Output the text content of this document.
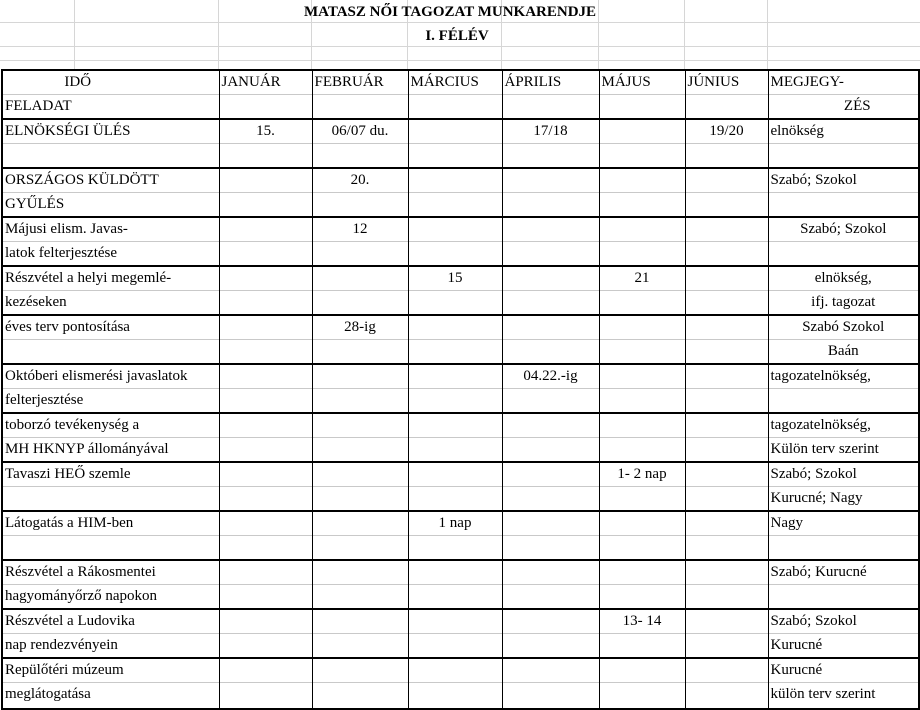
MATASZ NŐI TAGOZAT MUNKARENDJE
I. FÉLÉV
IDŐ	JANUÁR	FEBRUÁR	MÁRCIUS	ÁPRILIS	MÁJUS	JÚNIUS	MEGJEGY-
FELADAT							ZÉS
ELNÖKSÉGI ÜLÉS	15.	06/07 du.		17/18		19/20	elnökség

ORSZÁGOS KÜLDÖTT		20.					Szabó; Szokol
GYŰLÉS							
Májusi elism. Javas-		12					Szabó; Szokol
latok felterjesztése							
Részvétel a helyi megemlé-			15		21		elnökség,
kezéseken							ifj. tagozat
éves terv pontosítása		28-ig					Szabó Szokol
							Baán
Októberi elismerési javaslatok				04.22.-ig			tagozatelnökség,
felterjesztése							
toborzó tevékenység a							tagozatelnökség,
MH HKNYP állományával							Külön terv szerint
Tavaszi HEŐ szemle					1- 2 nap		Szabó; Szokol
							Kurucné; Nagy
Látogatás a HIM-ben			1 nap				Nagy

Részvétel a Rákosmentei							Szabó; Kurucné
hagyományőrző napokon							
Részvétel a Ludovika					13- 14		Szabó; Szokol
nap rendezvényein							Kurucné
Repülőtéri múzeum							Kurucné
meglátogatása							külön terv szerint
